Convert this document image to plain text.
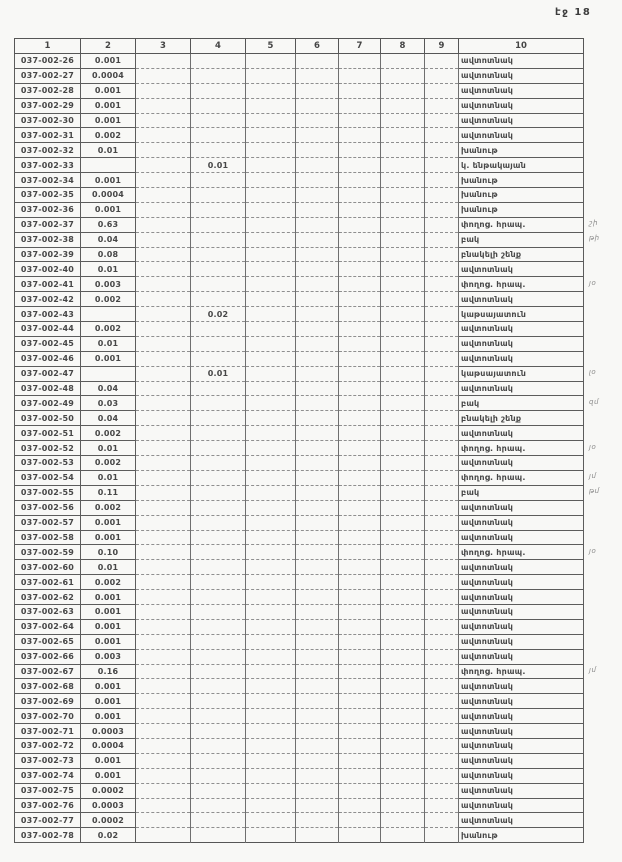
էջ 18
1	2	3	4	5	6	7	8	9	10
037-002-26	0.001								ավտոտնակ
037-002-27	0.0004								ավտոտնակ
037-002-28	0.001								ավտոտնակ
037-002-29	0.001								ավտոտնակ
037-002-30	0.001								ավտոտնակ
037-002-31	0.002								ավտոտնակ
037-002-32	0.01								խանութ
037-002-33			0.01						կ. ենթակայան
037-002-34	0.001								խանութ
037-002-35	0.0004								խանութ
037-002-36	0.001								խանութ
037-002-37	0.63								փողոց. հրապ.
037-002-38	0.04								բակ
037-002-39	0.08								բնակելի շենք
037-002-40	0.01								ավտոտնակ
037-002-41	0.003								փողոց. հրապ.
037-002-42	0.002								ավտոտնակ
037-002-43			0.02						կաթսայատուն
037-002-44	0.002								ավտոտնակ
037-002-45	0.01								ավտոտնակ
037-002-46	0.001								ավտոտնակ
037-002-47			0.01						կաթսայատուն
037-002-48	0.04								ավտոտնակ
037-002-49	0.03								բակ
037-002-50	0.04								բնակելի շենք
037-002-51	0.002								ավտոտնակ
037-002-52	0.01								փողոց. հրապ.
037-002-53	0.002								ավտոտնակ
037-002-54	0.01								փողոց. հրապ.
037-002-55	0.11								բակ
037-002-56	0.002								ավտոտնակ
037-002-57	0.001								ավտոտնակ
037-002-58	0.001								ավտոտնակ
037-002-59	0.10								փողոց. հրապ.
037-002-60	0.01								ավտոտնակ
037-002-61	0.002								ավտոտնակ
037-002-62	0.001								ավտոտնակ
037-002-63	0.001								ավտոտնակ
037-002-64	0.001								ավտոտնակ
037-002-65	0.001								ավտոտնակ
037-002-66	0.003								ավտոտնակ
037-002-67	0.16								փողոց. հրապ.
037-002-68	0.001								ավտոտնակ
037-002-69	0.001								ավտոտնակ
037-002-70	0.001								ավտոտնակ
037-002-71	0.0003								ավտոտնակ
037-002-72	0.0004								ավտոտնակ
037-002-73	0.001								ավտոտնակ
037-002-74	0.001								ավտոտնակ
037-002-75	0.0002								ավտոտնակ
037-002-76	0.0003								ավտոտնակ
037-002-77	0.0002								ավտոտնակ
037-002-78	0.02								խանութ
շի
թի
յօ
լօ
զմ
յօ
յմ
թմ
յօ
յմ
